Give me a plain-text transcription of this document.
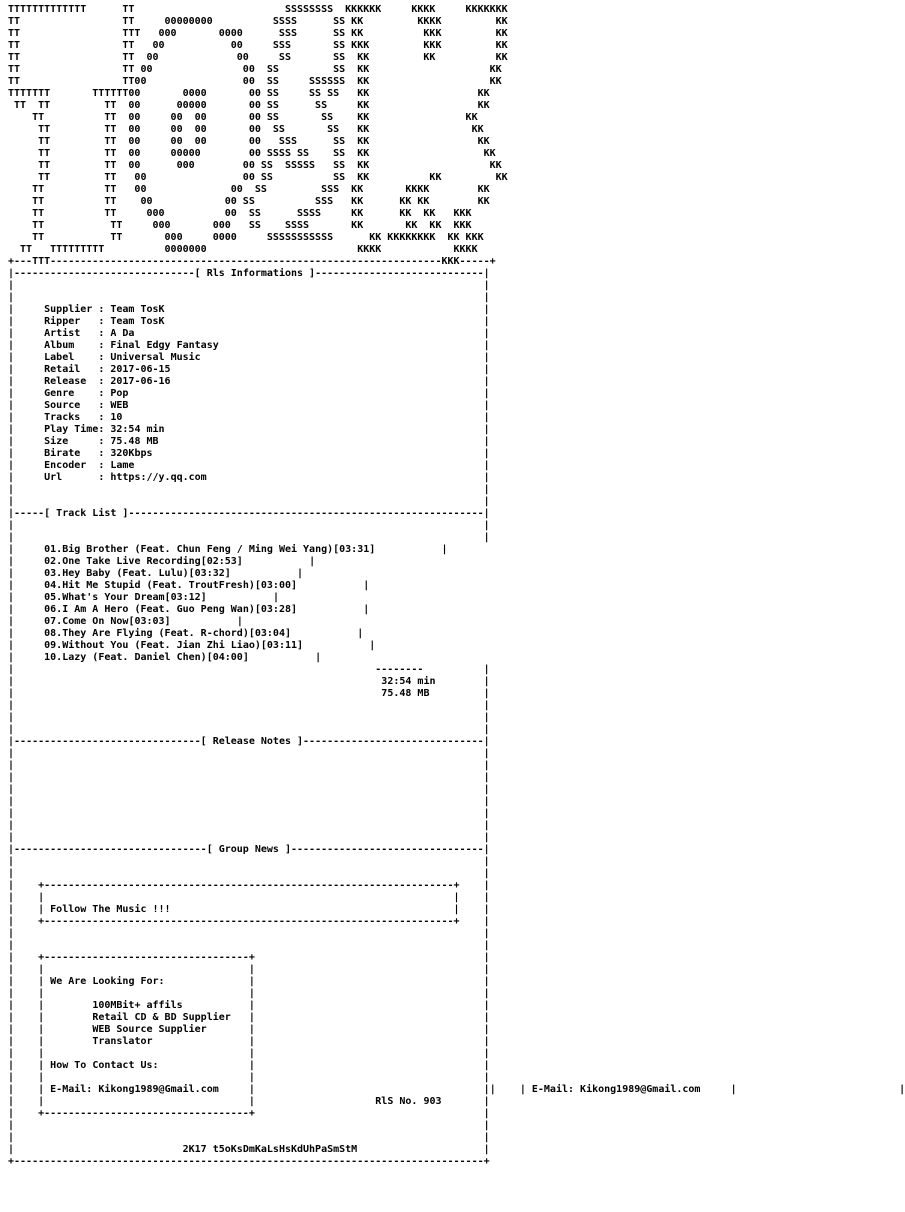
TTTTTTTTTTTTT      TT                         SSSSSSSS  KKKKKK     KKKK     KKKKKKK
TT                 TT     00000000          SSSS      SS KK         KKKK         KK
TT                 TTT   000       0000      SSS      SS KK          KKK         KK
TT                 TT   00           00     SSS       SS KKK         KKK         KK
TT                 TT  00             00     SS       SS  KK         KK          KK
TT                 TT 00               00  SS         SS  KK                    KK
TT                 TT00                00  SS     SSSSSS  KK                    KK
TTTTTTT       TTTTTT00       0000       00 SS     SS SS   KK                  KK
TT  TT         TT  00      00000       00 SS      SS     KK                  KK
TT          TT  00     00  00       00 SS       SS    KK                KK
TT         TT  00     00  00       00  SS       SS   KK                 KK
TT         TT  00     00  00       00   SSS      SS  KK                  KK
TT         TT  00     00000        00 SSSS SS    SS  KK                   KK
TT         TT  00      000        00 SS  SSSSS   SS  KK                    KK
TT         TT   00                00 SS          SS  KK          KK         KK
TT          TT   00              00  SS         SSS  KK       KKKK        KK
TT          TT    00            00 SS          SSS   KK      KK KK        KK
TT          TT     000          00  SS      SSSS     KK      KK  KK   KKK
TT           TT     000       000   SS    SSSS       KK       KK  KK  KKK
TT           TT       000     0000     SSSSSSSSSSS      KK KKKKKKKK  KK KKK
TT   TTTTTTTTT          0000000                         KKKK            KKKK
+---TTT-----------------------------------------------------------------KKK-----+
|------------------------------[ Rls Informations ]----------------------------|
|	|
|	|
|	Supplier : Team TosK	|
|	Ripper   : Team TosK	|
|	Artist   : A Da	|
|	Album    : Final Edgy Fantasy	|
|	Label    : Universal Music	|
|	Retail   : 2017-06-15	|
|	Release  : 2017-06-16	|
|	Genre    : Pop	|
|	Source   : WEB	|
|	Tracks   : 10	|
|	Play Time: 32:54 min	|
|	Size     : 75.48 MB	|
|	Birate   : 320Kbps	|
|	Encoder  : Lame	|
|	Url      : https://y.qq.com	|
|	|
|	|
|-----[ Track List ]-----------------------------------------------------------|
|	|
|	|
|	01.Big Brother (Feat. Chun Feng / Ming Wei Yang)[03:31]	|
|	02.One Take Live Recording[02:53]	|
|	03.Hey Baby (Feat. Lulu)[03:32]	|
|	04.Hit Me Stupid (Feat. TroutFresh)[03:00]	|
|	05.What's Your Dream[03:12]	|
|	06.I Am A Hero (Feat. Guo Peng Wan)[03:28]	|
|	07.Come On Now[03:03]	|
|	08.They Are Flying (Feat. R-chord)[03:04]	|
|	09.Without You (Feat. Jian Zhi Liao)[03:11]	|
|	10.Lazy (Feat. Daniel Chen)[04:00]	|
|	--------	|
|	32:54 min	|
|	75.48 MB	|
|	|
|	|
|	|
|-------------------------------[ Release Notes ]------------------------------|
|	|
|	|
|	|
|	|
|	|
|	|
|	|
|	|
|--------------------------------[ Group News ]--------------------------------|
|	|
|	|
|    +--------------------------------------------------------------------+ |
|    |                                                                    | |
|    | Follow The Music !!!                                               | |
|    +--------------------------------------------------------------------+ |
|	|
|	|
|    +----------------------------------+	|
|    |                                  |	|
|    | We Are Looking For:              |	|
|    |                                  |	|
|    |	100MBit+ affils           |	|
|    |	Retail CD & BD Supplier   |	|
|    |	WEB Source Supplier       |	|
|    |	Translator                |	|
|    |                                  |	|
|    | How To Contact Us:               |	|
|    |                                  |	|
|    | E-Mail: Kikong1989@Gmail.com     |	||    | E-Mail: Kikong1989@Gmail.com     |	|
|    |                                  |	RlS No. 903	|
|    +----------------------------------+	|
|	|
|	|
|	2K17 t5oKsDmKaLsHsKdUhPaSmStM	|
+------------------------------------------------------------------------------+
